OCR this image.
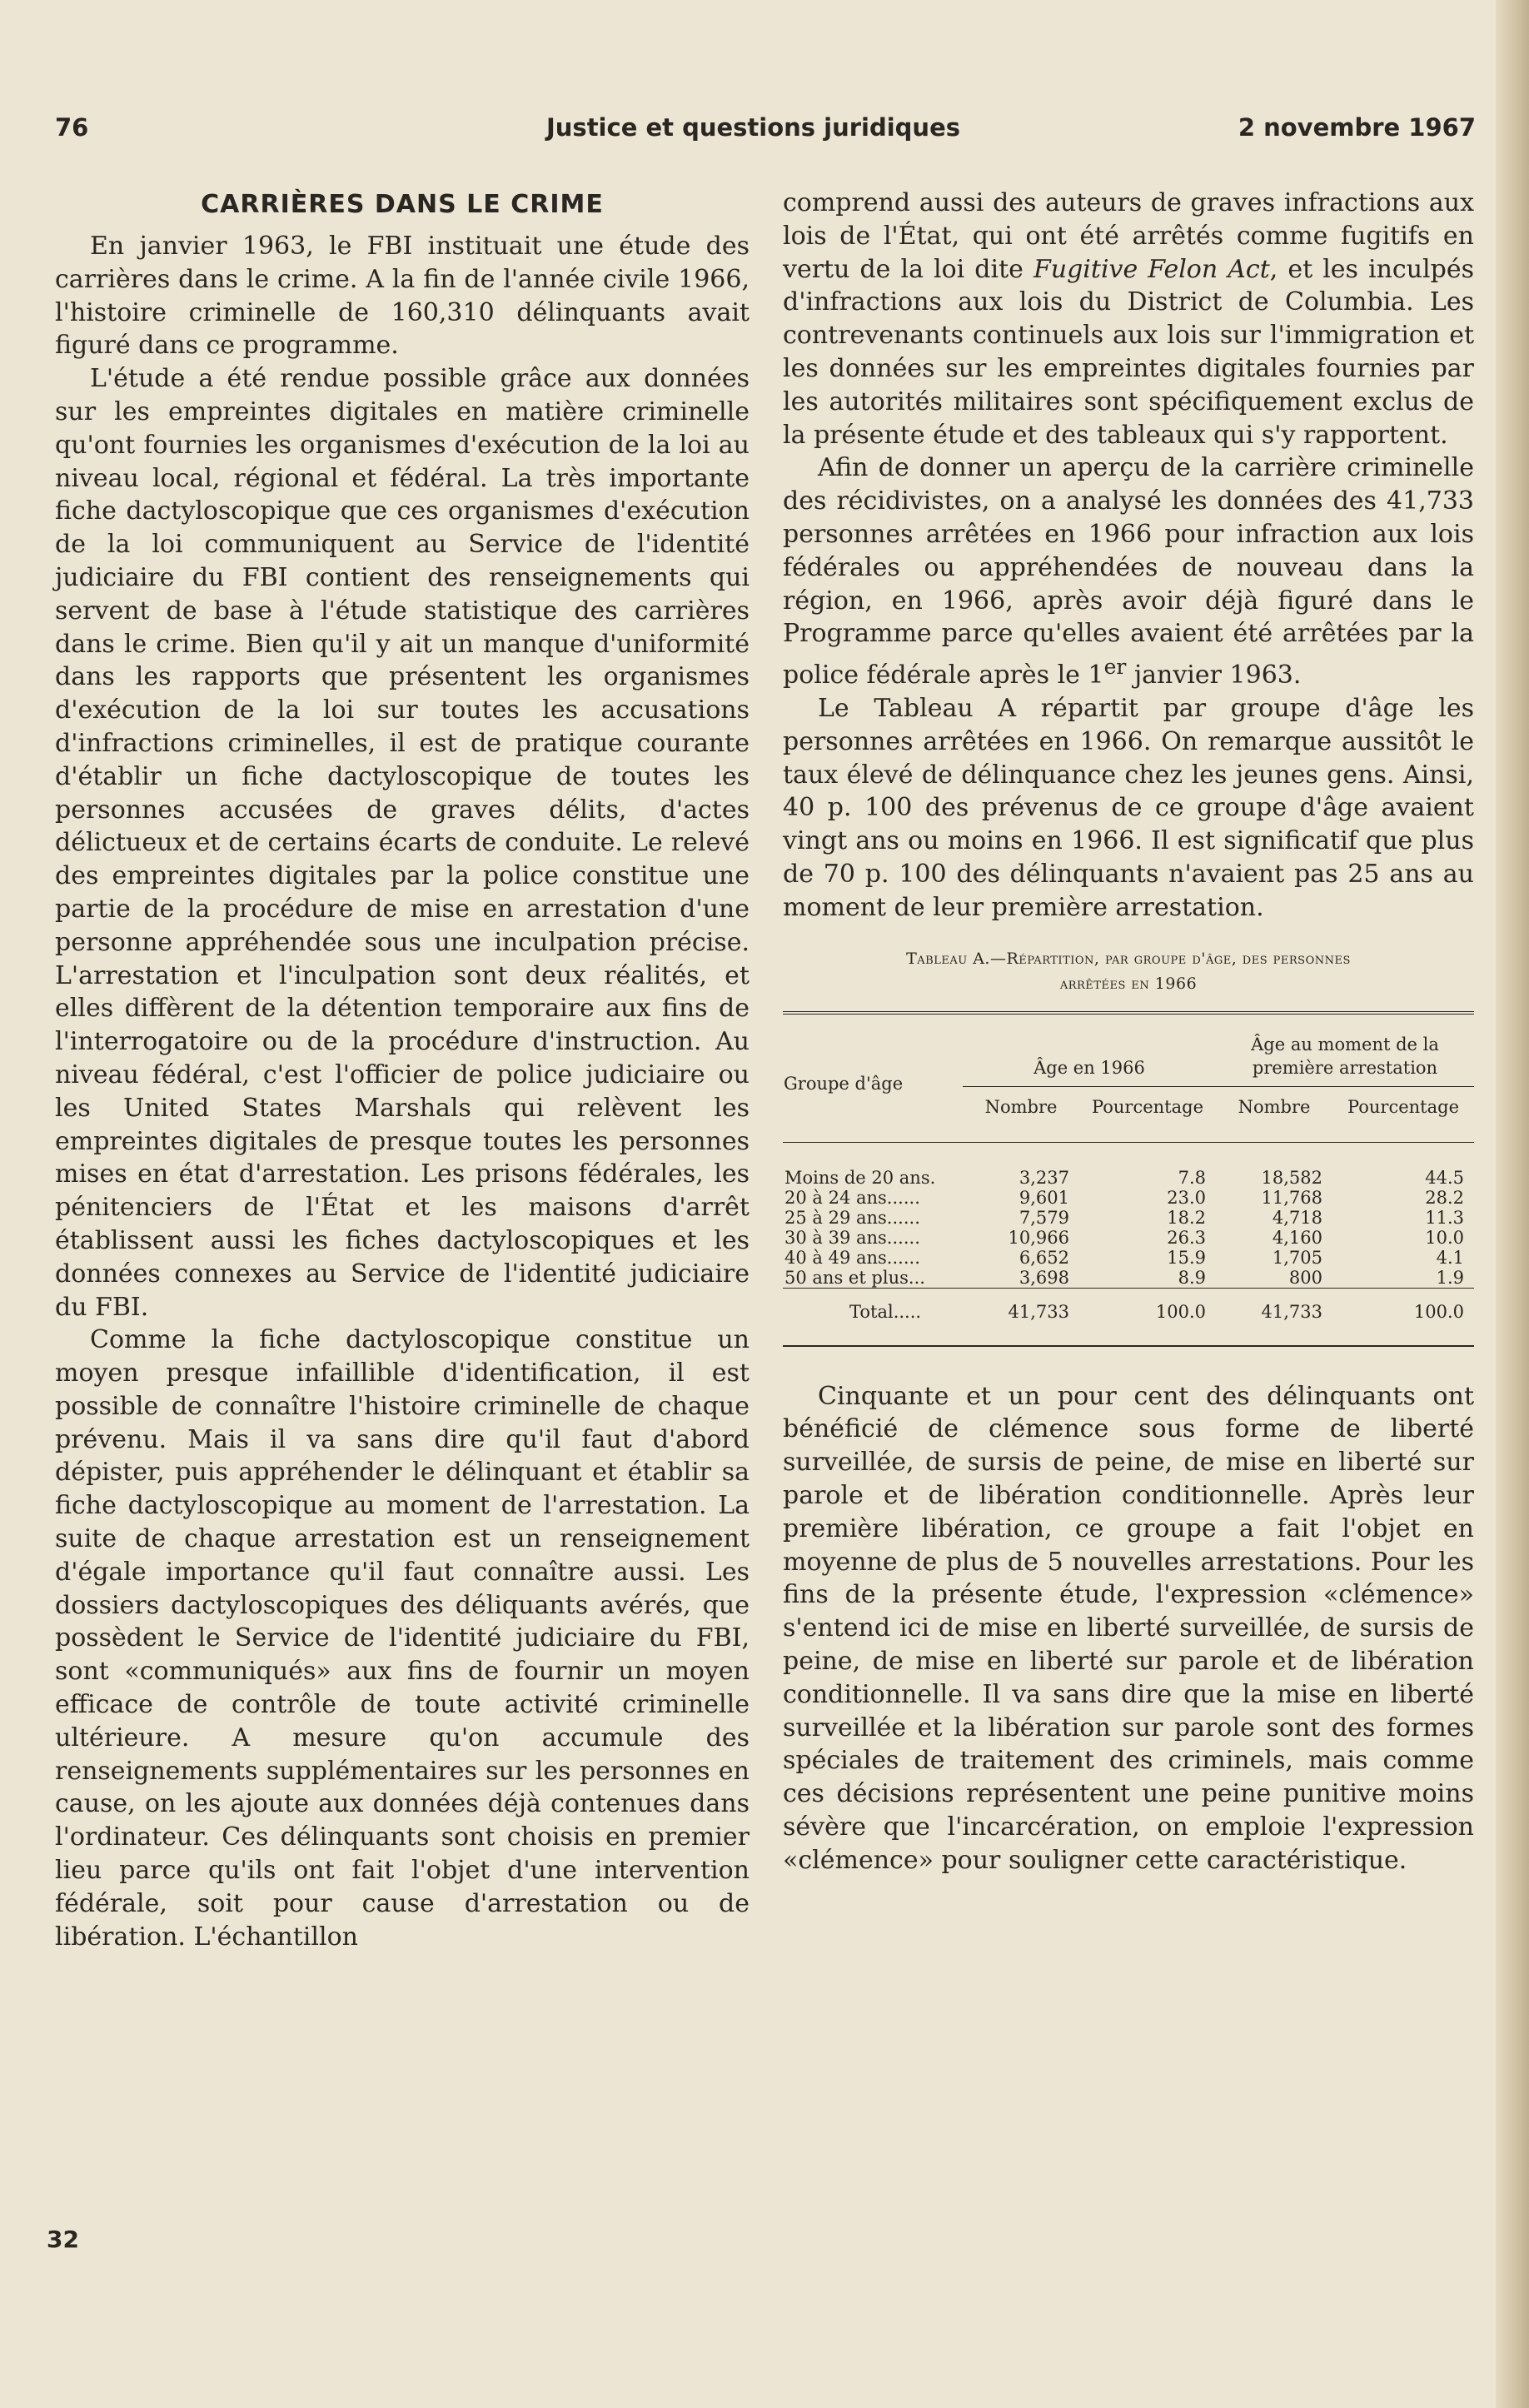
76	Justice et questions juridiques	2 novembre 1967
CARRIÈRES DANS LE CRIME

En janvier 1963, le FBI instituait une étude des carrières dans le crime. A la fin de l'année civile 1966, l'histoire criminelle de 160,310 délinquants avait figuré dans ce programme.

L'étude a été rendue possible grâce aux données sur les empreintes digitales en matière criminelle qu'ont fournies les organismes d'exécution de la loi au niveau local, régional et fédéral. La très importante fiche dactyloscopique que ces organismes d'exécution de la loi communiquent au Service de l'identité judiciaire du FBI contient des renseignements qui servent de base à l'étude statistique des carrières dans le crime. Bien qu'il y ait un manque d'uniformité dans les rapports que présentent les organismes d'exécution de la loi sur toutes les accusations d'infractions criminelles, il est de pratique courante d'établir un fiche dactyloscopique de toutes les personnes accusées de graves délits, d'actes délictueux et de certains écarts de conduite. Le relevé des empreintes digitales par la police constitue une partie de la procédure de mise en arrestation d'une personne appréhendée sous une inculpation précise. L'arrestation et l'inculpation sont deux réalités, et elles diffèrent de la détention temporaire aux fins de l'interrogatoire ou de la procédure d'instruction. Au niveau fédéral, c'est l'officier de police judiciaire ou les United States Marshals qui relèvent les empreintes digitales de presque toutes les personnes mises en état d'arrestation. Les prisons fédérales, les pénitenciers de l'État et les maisons d'arrêt établissent aussi les fiches dactyloscopiques et les données connexes au Service de l'identité judiciaire du FBI.

Comme la fiche dactyloscopique constitue un moyen presque infaillible d'identification, il est possible de connaître l'histoire criminelle de chaque prévenu. Mais il va sans dire qu'il faut d'abord dépister, puis appréhender le délinquant et établir sa fiche dactyloscopique au moment de l'arrestation. La suite de chaque arrestation est un renseignement d'égale importance qu'il faut connaître aussi. Les dossiers dactyloscopiques des déliquants avérés, que possèdent le Service de l'identité judiciaire du FBI, sont «communiqués» aux fins de fournir un moyen efficace de contrôle de toute activité criminelle ultérieure. A mesure qu'on accumule des renseignements supplémentaires sur les personnes en cause, on les ajoute aux données déjà contenues dans l'ordinateur. Ces délinquants sont choisis en premier lieu parce qu'ils ont fait l'objet d'une intervention fédérale, soit pour cause d'arrestation ou de libération. L'échantillon

comprend aussi des auteurs de graves infractions aux lois de l'État, qui ont été arrêtés comme fugitifs en vertu de la loi dite Fugitive Felon Act, et les inculpés d'infractions aux lois du District de Columbia. Les contrevenants continuels aux lois sur l'immigration et les données sur les empreintes digitales fournies par les autorités militaires sont spécifiquement exclus de la présente étude et des tableaux qui s'y rapportent.

Afin de donner un aperçu de la carrière criminelle des récidivistes, on a analysé les données des 41,733 personnes arrêtées en 1966 pour infraction aux lois fédérales ou appréhendées de nouveau dans la région, en 1966, après avoir déjà figuré dans le Programme parce qu'elles avaient été arrêtées par la police fédérale après le 1er janvier 1963.

Le Tableau A répartit par groupe d'âge les personnes arrêtées en 1966. On remarque aussitôt le taux élevé de délinquance chez les jeunes gens. Ainsi, 40 p. 100 des prévenus de ce groupe d'âge avaient vingt ans ou moins en 1966. Il est significatif que plus de 70 p. 100 des délinquants n'avaient pas 25 ans au moment de leur première arrestation.

Tableau A.—Répartition, par groupe d'âge, des personnes
arrêtées en 1966
Groupe d'âge	Âge en 1966		Âge au moment de la première arrestation	
	Nombre	Pourcentage	Nombre	Pourcentage
Moins de 20 ans.	3,237	7.8	18,582	44.5
20 à 24 ans......	9,601	23.0	11,768	28.2
25 à 29 ans......	7,579	18.2	4,718	11.3
30 à 39 ans......	10,966	26.3	4,160	10.0
40 à 49 ans......	6,652	15.9	1,705	4.1
50 ans et plus...	3,698	8.9	800	1.9
Total.....	41,733	100.0	41,733	100.0

Cinquante et un pour cent des délinquants ont bénéficié de clémence sous forme de liberté surveillée, de sursis de peine, de mise en liberté sur parole et de libération conditionnelle. Après leur première libération, ce groupe a fait l'objet en moyenne de plus de 5 nouvelles arrestations. Pour les fins de la présente étude, l'expression «clémence» s'entend ici de mise en liberté surveillée, de sursis de peine, de mise en liberté sur parole et de libération conditionnelle. Il va sans dire que la mise en liberté surveillée et la libération sur parole sont des formes spéciales de traitement des criminels, mais comme ces décisions représentent une peine punitive moins sévère que l'incarcération, on emploie l'expression «clémence» pour souligner cette caractéristique.

32
